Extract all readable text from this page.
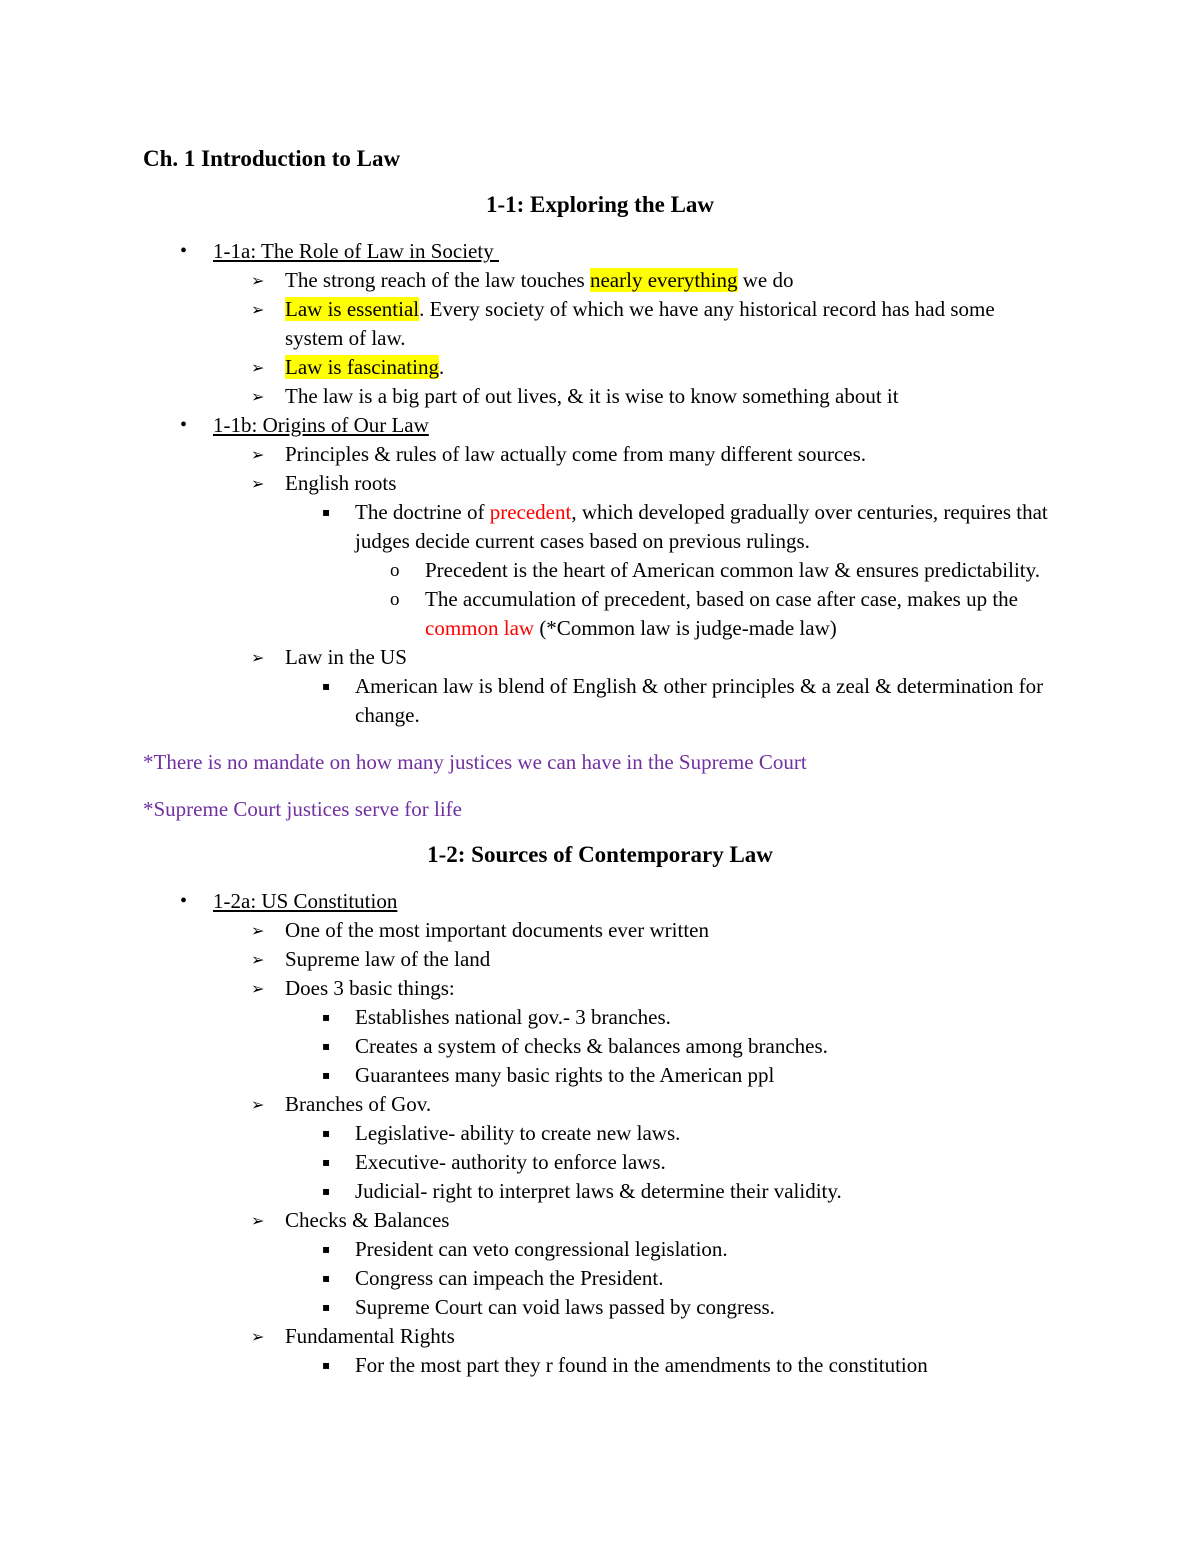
Ch. 1 Introduction to Law
1-1: Exploring the Law
• 1-1a: The Role of Law in Society
➢ The strong reach of the law touches nearly everything we do
➢ Law is essential. Every society of which we have any historical record has had some system of law.
➢ Law is fascinating.
➢ The law is a big part of out lives, & it is wise to know something about it
• 1-1b: Origins of Our Law
➢ Principles & rules of law actually come from many different sources.
➢ English roots
▪ The doctrine of precedent, which developed gradually over centuries, requires that judges decide current cases based on previous rulings.
o Precedent is the heart of American common law & ensures predictability.
o The accumulation of precedent, based on case after case, makes up the common law (*Common law is judge-made law)
➢ Law in the US
▪ American law is blend of English & other principles & a zeal & determination for change.
*There is no mandate on how many justices we can have in the Supreme Court
*Supreme Court justices serve for life
1-2: Sources of Contemporary Law
• 1-2a: US Constitution
➢ One of the most important documents ever written
➢ Supreme law of the land
➢ Does 3 basic things:
▪ Establishes national gov.- 3 branches.
▪ Creates a system of checks & balances among branches.
▪ Guarantees many basic rights to the American ppl
➢ Branches of Gov.
▪ Legislative- ability to create new laws.
▪ Executive- authority to enforce laws.
▪ Judicial- right to interpret laws & determine their validity.
➢ Checks & Balances
▪ President can veto congressional legislation.
▪ Congress can impeach the President.
▪ Supreme Court can void laws passed by congress.
➢ Fundamental Rights
▪ For the most part they r found in the amendments to the constitution
